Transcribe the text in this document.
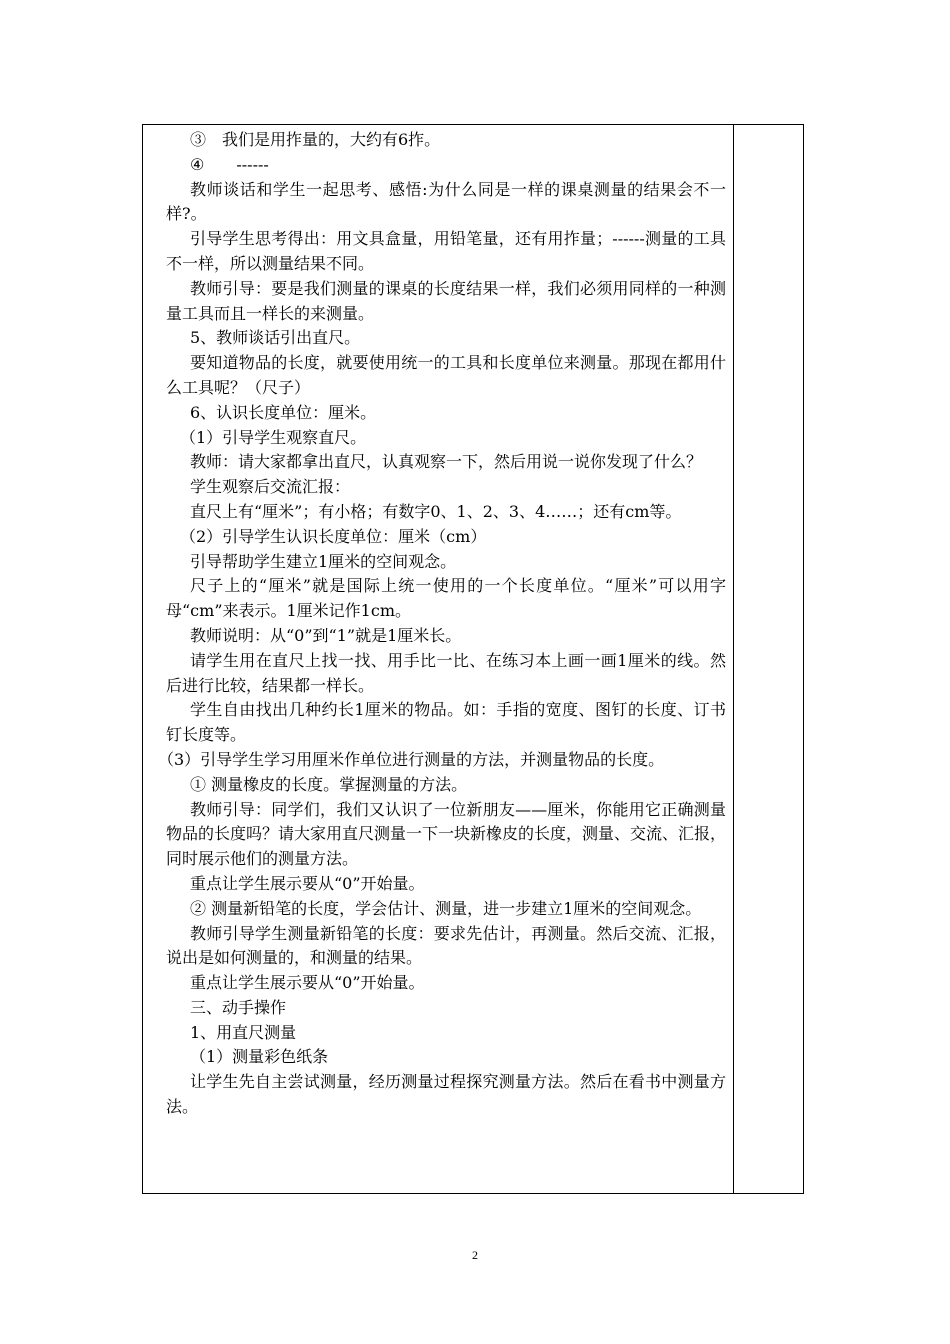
③　我们是用拃量的，大约有6拃。

④　　------

教师谈话和学生一起思考、感悟:为什么同是一样的课桌测量的结果会不一样?。

引导学生思考得出：用文具盒量，用铅笔量，还有用拃量；------测量的工具不一样，所以测量结果不同。

教师引导：要是我们测量的课桌的长度结果一样，我们必须用同样的一种测量工具而且一样长的来测量。

5、教师谈话引出直尺。

要知道物品的长度，就要使用统一的工具和长度单位来测量。那现在都用什么工具呢？（尺子）

6、认识长度单位：厘米。

（1）引导学生观察直尺。

教师：请大家都拿出直尺，认真观察一下，然后用说一说你发现了什么？

学生观察后交流汇报：

直尺上有“厘米”；有小格；有数字0、1、2、3、4……；还有cm等。

（2）引导学生认识长度单位：厘米（cm）

引导帮助学生建立1厘米的空间观念。

尺子上的“厘米”就是国际上统一使用的一个长度单位。“厘米”可以用字母“cm”来表示。1厘米记作1cm。

教师说明：从“0”到“1”就是1厘米长。

请学生用在直尺上找一找、用手比一比、在练习本上画一画1厘米的线。然后进行比较，结果都一样长。

学生自由找出几种约长1厘米的物品。如：手指的宽度、图钉的长度、订书钉长度等。

（3）引导学生学习用厘米作单位进行测量的方法，并测量物品的长度。

① 测量橡皮的长度。掌握测量的方法。

教师引导：同学们，我们又认识了一位新朋友——厘米，你能用它正确测量物品的长度吗？请大家用直尺测量一下一块新橡皮的长度，测量、交流、汇报，同时展示他们的测量方法。

重点让学生展示要从“0”开始量。

② 测量新铅笔的长度，学会估计、测量，进一步建立1厘米的空间观念。

教师引导学生测量新铅笔的长度：要求先估计，再测量。然后交流、汇报，说出是如何测量的，和测量的结果。

重点让学生展示要从“0”开始量。

三、动手操作

1、用直尺测量

（1）测量彩色纸条

让学生先自主尝试测量，经历测量过程探究测量方法。然后在看书中测量方法。

2
